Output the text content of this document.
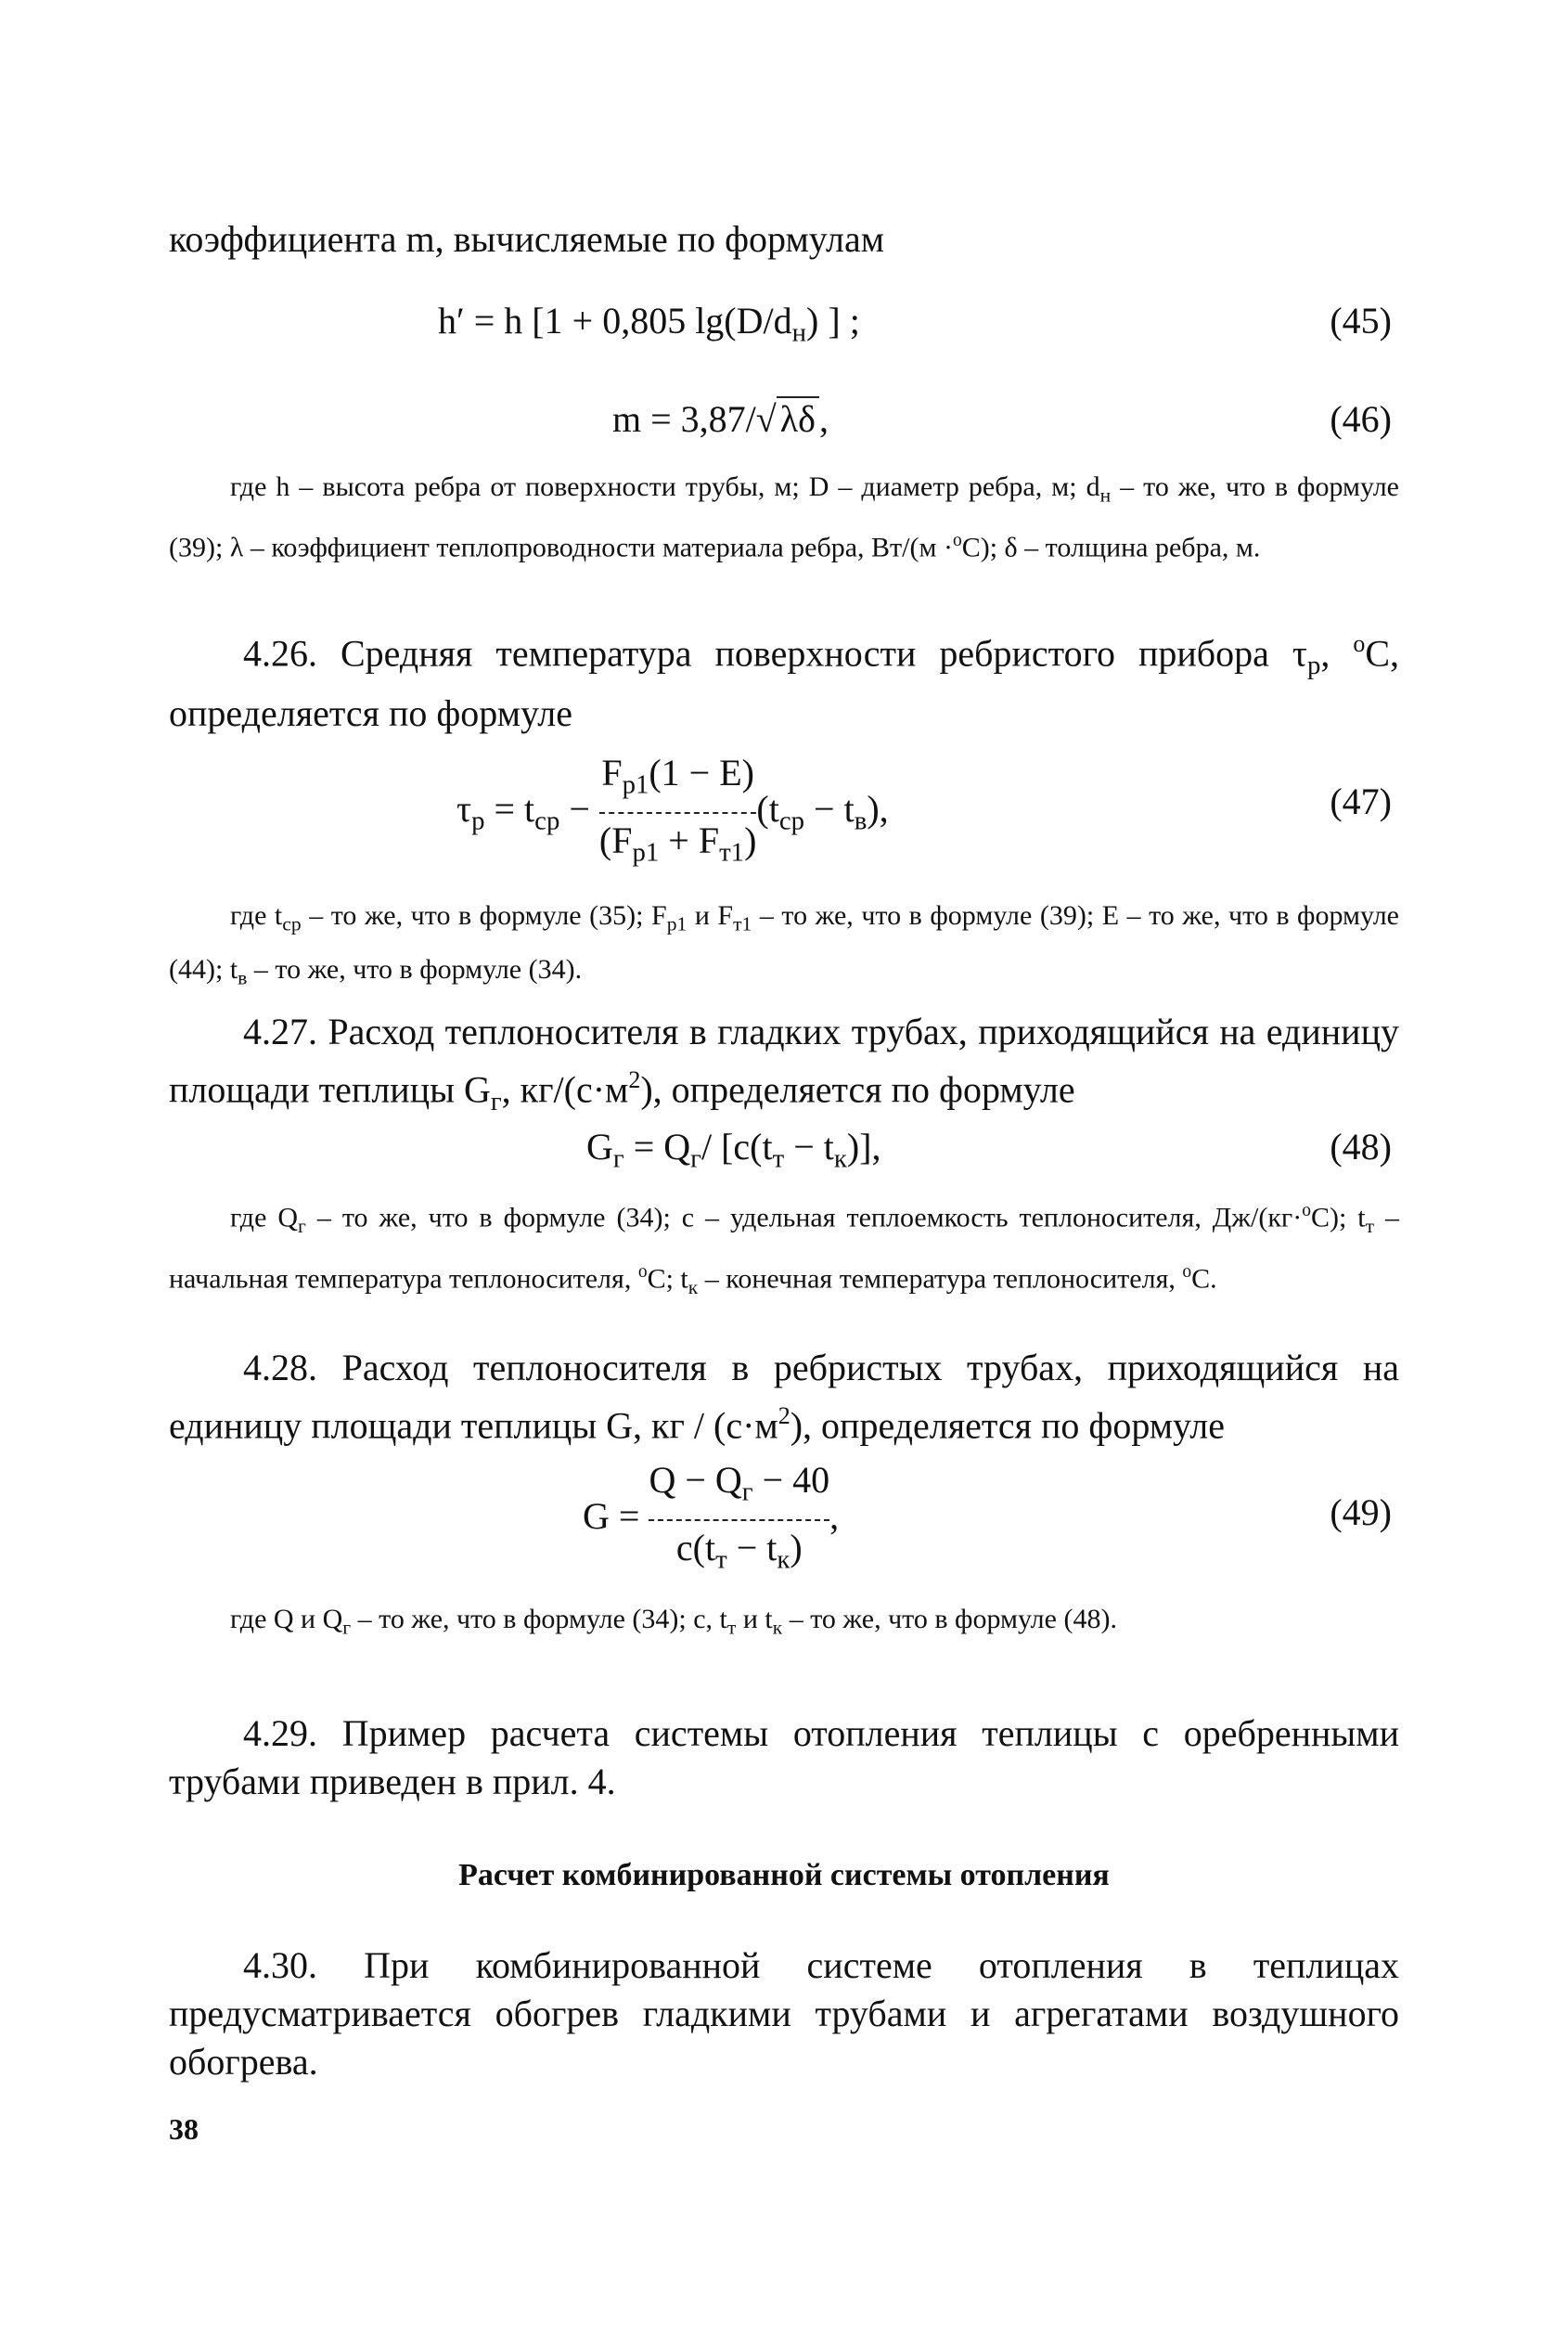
коэффициента m, вычисляемые по формулам
h′ = h [1 + 0,805 $\lg(D/d_н)$ ] ;	(45)
m = 3,87/√ λδ ,	(46)
где h – высота ребра от поверхности трубы, м; D – диаметр ребра, м; $d_н$ – то же, что в формуле (39); λ – коэффициент теплопроводности материала ребра, Вт/(м ·$^о$С); δ – толщина ребра, м.
4.26. Средняя температура поверхности ребристого прибора $\tau_р$, $^о$С, определяется по формуле
$\tau_р = t_{ср} - \frac{F_{р1}(1 - E)}{(F_{р1} + F_{т1})} (t_{ср} - t_в)$,	(47)
где $t_{ср}$ – то же, что в формуле (35); $F_{р1}$ и $F_{т1}$ – то же, что в формуле (39); E – то же, что в формуле (44); $t_в$ – то же, что в формуле (34).
4.27. Расход теплоносителя в гладких трубах, приходящийся на единицу площади теплицы $G_г$, $кг/(с\cdot м^2)$, определяется по формуле
$G_г = Q_г/$ $[c(t_т - t_к)]$,	(48)
где $Q_г$ – то же, что в формуле (34); c – удельная теплоемкость теплоносителя, Дж/(кг·$^о$С); $t_т$ – начальная температура теплоносителя, $^о$С; $t_к$ – конечная температура теплоносителя, $^о$С.
4.28. Расход теплоносителя в ребристых трубах, приходящийся на единицу площади теплицы G, кг / $(с\cdot м^2)$, определяется по формуле
$G = \frac{Q - Q_г - 40}{c(t_т - t_к)}$ ,	(49)
где Q и $Q_г$ – то же, что в формуле (34); c, $t_т$ и $t_к$ – то же, что в формуле (48).
4.29. Пример расчета системы отопления теплицы с оребренными трубами приведен в прил. 4.
Расчет комбинированной системы отопления
4.30. При комбинированной системе отопления в теплицах предусматривается обогрев гладкими трубами и агрегатами воздушного обогрева.
38
